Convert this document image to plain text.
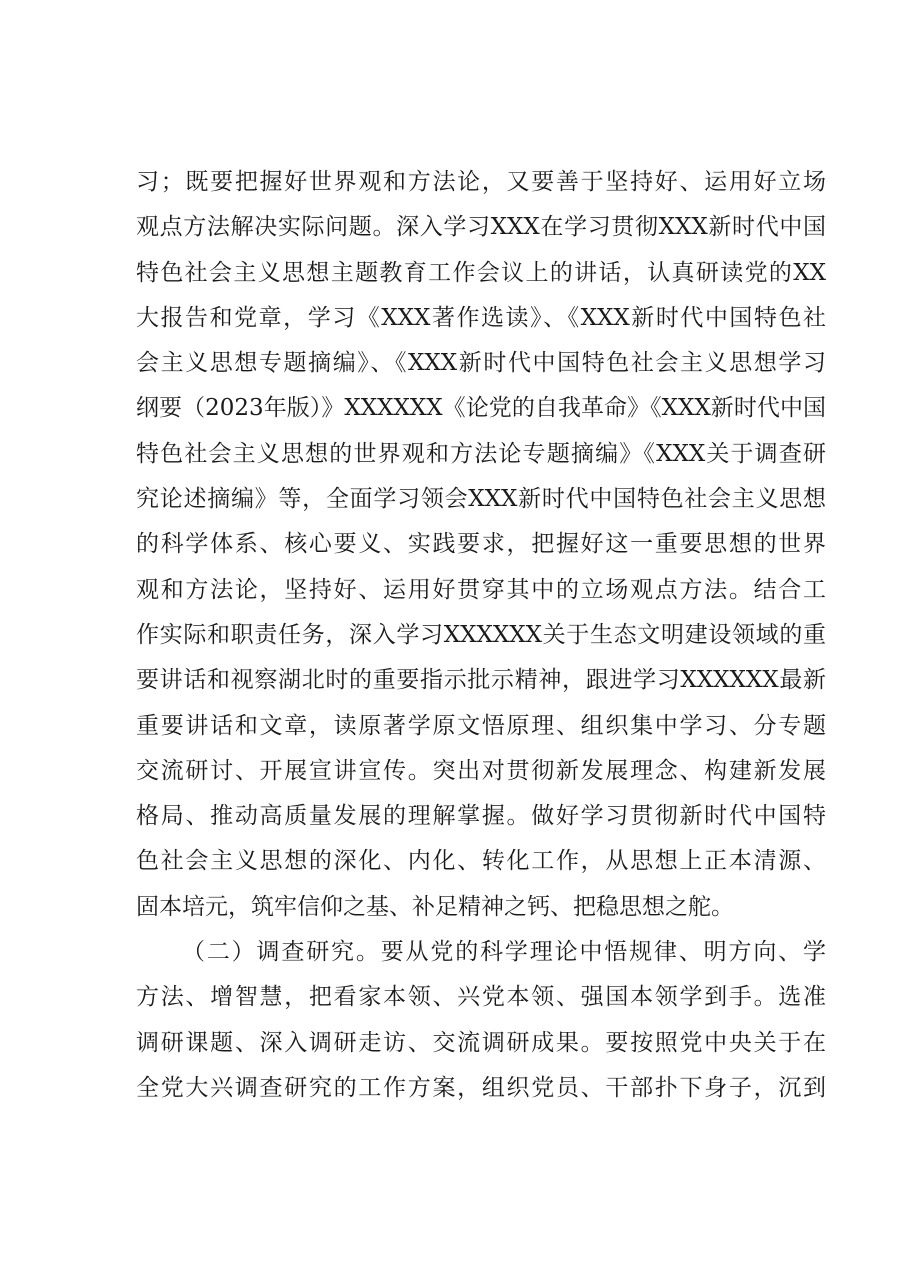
习；既要把握好世界观和方法论，又要善于坚持好、运用好立场
观点方法解决实际问题。深入学习XXX在学习贯彻XXX新时代中国
特色社会主义思想主题教育工作会议上的讲话，认真研读党的XX
大报告和党章，学习《XXX著作选读》、《XXX新时代中国特色社
会主义思想专题摘编》、《XXX新时代中国特色社会主义思想学习
纲要（2023年版）》XXXXXX《论党的自我革命》《XXX新时代中国
特色社会主义思想的世界观和方法论专题摘编》《XXX关于调查研
究论述摘编》等，全面学习领会XXX新时代中国特色社会主义思想
的科学体系、核心要义、实践要求，把握好这一重要思想的世界
观和方法论，坚持好、运用好贯穿其中的立场观点方法。结合工
作实际和职责任务，深入学习XXXXXX关于生态文明建设领域的重
要讲话和视察湖北时的重要指示批示精神，跟进学习XXXXXX最新
重要讲话和文章，读原著学原文悟原理、组织集中学习、分专题
交流研讨、开展宣讲宣传。突出对贯彻新发展理念、构建新发展
格局、推动高质量发展的理解掌握。做好学习贯彻新时代中国特
色社会主义思想的深化、内化、转化工作，从思想上正本清源、
固本培元，筑牢信仰之基、补足精神之钙、把稳思想之舵。
（二）调查研究。要从党的科学理论中悟规律、明方向、学
方法、增智慧，把看家本领、兴党本领、强国本领学到手。选准
调研课题、深入调研走访、交流调研成果。要按照党中央关于在
全党大兴调查研究的工作方案，组织党员、干部扑下身子，沉到
